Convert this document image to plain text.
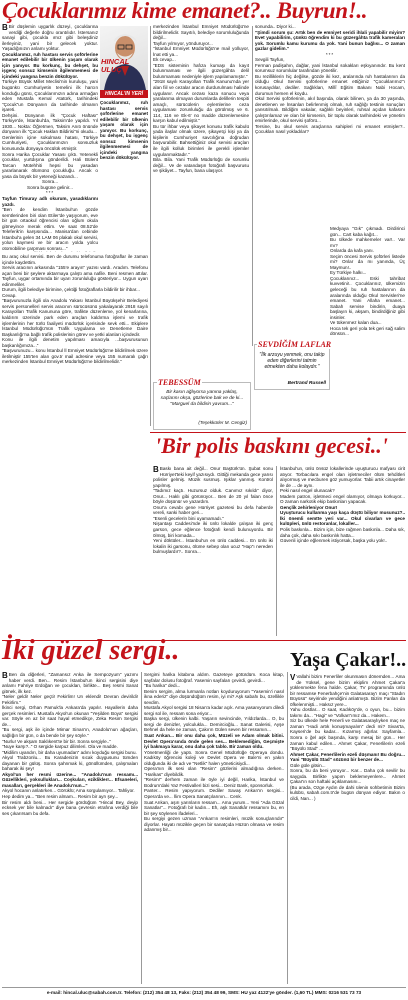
Çocuklarımız kime emanet?.. Buyrun!..

B Bir düşlemin uygarlık düzeyi, çocuklarına verdiği değerle doğru orantılıdır. İstersanız sanayi gibi, çocukla ırnız gibi beleşdiniz ilerleyiniz, yani bir gelecek yoktur. Yaşadığınızın anlamı yoktur.

Çocuklarımız, ruh hastası servis şoförlerine emanet edilebilir bir ülkenin yaşam olarak için yanıyor. Bu korkunç, bu dehşet, bu işgenç sonsuz kimsenin ilgilenmemesi de içindeki yangına benzin dökülüyor.

Türkiye Büyük Millet Meclisi'nin kuruluşu, yani bugünkü Cumhuriyetin temelini ilk harcın konduğu günü, Çocuklarımızın adına armağan eden Mustafa Kemal Atatürk, tarihindeki "Çocuk"un Dünyanın da tarihinde olmanın işareti.

Dehşini. Dünyanın ilk "Çocuk Haftası" Türkiye'de, İstanbul'da, Taksim'de yapıldı. Yıl 1930... Nokta: Öğretmen, Taksim Anıtı önünde dünyanın ilk "Çocuk Hakları Bildirisi"ni okudu...

Genlerinin içine sokulması hatası, Türkiye Cumhuriyeti, Çocuklarımızın sonsuzluk konusunda dünyaya öncülük etmiştir.

Sonra Harika Çocuklar Yasası çıktı. Yetenekli çocuklar, yurtdışına gönderildi. Hali Bülent Tarcan Mütehhiti hepsi bu yasadan yararlanarak ölümünü çocukluğu. Ancak o yasa da büyük bir yeteneği kazandı...

Sonra...

Sonra bugüne gelinir...

***

Tayfun Timuray adlı okurum, yasadıklarını yazdı.

"Ben de kendim İstanbul'un gözde semtlerinden biri olan Etiler'de yaşıyorum, eve bir gün ortaokul öğrencisi olan oğlum okula gitmeyince merak ettim. Ve saat 08.52'de Teleferik'in karşısında... Manisa'dan cebinde İstanbul'a gelen 34 LAM 06 plakalı okul servisi, yolun kaymesi ve bir aracın yolda yolcu otomobiline çarpması sonrası..."

HINCAL ULUÇ
HINCAL'IN YERİ

Bu araç okul servisi. Ben de durumu telefonuma fotoğraflar ile zaman içinde kaydettim.

Servis aracının arkasında "155'e arayın" yazısı vardı. Aradım. Telefonu açan beni bir şeylere aktarmaya çalıştı ama nafile. Beni resmen attılar. Tayfun, uygar ortamında bir uyarı zorunluluğu gösteriyor... Uygun uyarı edinmeliler.

Durum, ilgili belediye birimine, çektiği fotoğraflarla bildirilir bir ihbar...

Cevap.

"Başvurunuzla ilgili ola Anadolu Yakası İstanbul Büyükşehir Belediyesi servis personelleri servis aracının sürücüsünü yakalayarak 2918 sayılı Karayolları Trafik Kanununa göre, trafikte düzenleme, yol kenarlarına, kaldırım üzerinde park eden araçları kaldırma işlemi ve trafik işlemlerinin her türlü faaliyeti müdürlük içerisinde sevk etti... Ekiplere İstanbul Müdürlüğü'nün Trafik Uygulama ve Denetleme Daire Başkanlığı'na bağlı trafik polislerinin görev ve yetki alanları içindedir.

Konu ile ilgili denetim yapılması amacıyla ...başvurusunun başkanlığımıza..."

"Başvurunuzu... konu İstanbul İl Emniyet Müdürlüğü'ne bildirilmek üzere iletilmiştir 155'ten alan gov.tr mail adresine veya 155 numaralı çağrı merkezinden İstanbul Emniyet Müdürlüğü'ne bildirilmelidir."

Çocuklarımız, ruh hastası servis şoförlerine emanet edilebilir bir ülkenin yaşam olarak için yanıyor. Bu korkunç, bu dehşet, bu işgenç sonsuz kimsenin ilgilenmemesi de içindeki yangına benzin dökülüyor.

merkezinden İstanbul Emniyet Müdürlüğü'ne bildirilmelidir. Sayıtılı, belediye sorumluluğunda değil...

Tayfun yılmıyor, yönduruyor...

"İstanbul Emniyet Müdürlüğü'ne mail yolluyor, İnat etti ya...

Ek cevap...

"EDS sisteminin hafıza kumaşı da kayıt bulunmaması ve ilgili güzergâhta delil bulunmaması nedeniyle işlem yapılamamıştır."

"2918 sayılı Karayolları Trafik Kanunu'nda yer alan fiil ve cezalar aracın durdurulması halinde uygulanır. Ancak cezası kaza sonucu veya yaralanma olmayan durumlarda delillerin tespiti amaçlı, sürücülerin eylemlerine ceza uygulaması zorunluluğu da görülmüş ve 6. 114, 116 ve Ek-6' no madde düzenlemesine karşın kabul edilmiştir."

Bu tür ihbar veya şikayet konusu trafik kabulü yada ilaşlar olmak üzere, şikayetçi kişi ya da kişilerin Cumhuriyet savcılığına doğrudan başvurabilir. Bahsettiğiniz okul servisi araçları ile ilgili kolluk birimleri ile gerekli işlemler uygulanmaktadır."

Bila. Bila. Yani Trafik Müdürlüğü de sorumlu değil... Ve de vatandaşın fotoğrafı başvurusu ve şikâyet... Tayfun, bana ulaşıyor.

sonunda.. Diyor ki...

"Şimdi sorum şu: Artık ben de emniyet seridi ihlali yapabilir miyim? Evet yapabilirim, çünkü öğrendim ki bu güzergâhta trafik kameraları yok. Sorumlu kamu kurumu da yok. Yani bunun bağlısı... O zaman gazlar gidelim."

***

Sevgili Tayfun,

Ferman padişahın, dağlar, yani İstanbul sokakları eşkıyanındır. Bu kent sorumsuz sorumlular tarafından yönetilir.

Bu rezilliklerin hiç değilse, gözde iki kez, aralarında ruh hastalarının da olduğu Okul Servisi şoförlerine emanet ettiğimiz "Çocuklarımız"ı korusaydılar, dediler. Sağlıkları, Millî Eğitim Bakanı Nabi Hocam, durumun hemen el koydu.

Okul Servisi şoförlerinin, akıl başında, olarak bilinen, ya da 30 yaşında, denetlenen ve İnsanları belirlenmiş olmalı, ruh sağlığı testinin sonuçları yansıtılmalı. Bildiğim vakalar, sağlıklı beyinleri, ruhsal açıdan kafasını çalıştırılamaz ve olan bir kimsenin, bir toplu olarak tarihindeki ve yönetim emirlerinde, okul servisi şoförü...

Tersine, bu okul servis araçlarına sahipleri mi emanet etmişler?.. Çocukları nasıl yokladılar?

Medyaya "Gık" çıkmadı. Dirdirinci gün... Cart kaba kağıt...

Bu ülkede mahkemeler var!.. Var mı?

Onlarda da kafa yanı.

Seçim öncesi Servis şoförleri listede mi? Onlar da mı yanında, Üç Maymun!..

Ey Türkiye halkı...

Çocuklarınız... Eski tahribat kuvvetini!.. Çocuklarınız, ülkemizin geleceği bu ruh hastalarının da aralarında olduğu Okul Servisleri'ne emanet. Yani Allaha emanet... Sabah servise bindirin, duaya başlayın ki, akşam, bindirdiğiniz gibi insinler.

Ve tükenmez kalan dua...

Hoca tek geri yola tek geri sağ salim dönsün...

SEVDİĞİM LAFLAR
"İlk arzuyu yenmek, onu takip eden diğerlerini tatmin etmekten daha kolaydır."
Bertrand Russell
TEBESSÜM
Bir kasın ağlıyorsa yanına yaklaş, saçlarını okşa, gözlerine bak ve de ki... "Marguel da bildirin yavrum..."
(Teşekkürler M. Cengiz)
'Bir polis baskını gecesi..'

B Baskı bana ait değil... Onur Baştürk'ün. Şubat sonu Hürriyet'teki keyif yazısıydı. Gittiği mekanda gece yarısı polisler gelmiş. Müzik susmuş. Işıklar yanmış. Kontrol yapılmış.

"Tadımız kaçtı. Huzursuz olduk. Canımız sıkıldı" diyor, Onur... Haklı gibi görünüyor... Ben de 20 yıl falan önce böyle düşünür ve yazardım.

Onur'a cevabı gene Hürriyet gazetesi bu defa haberde vereli, sanki haber geri...

"Esenli gecelerin bini uyamamadı."

Nişantaşı Caddesi'nde iki ünlü lokalde çalışan iki genç garson, gece eğlence fotoğrafı kendi bulunuyordu. Bir ölmüş, biri komada...

Yeni döktüler... İstanbul'un en ünlü caddesi... En ünlü iki lokalin iki garsonu, ölüme sebep olan ucuz "Hap"ı nereden bulmuşlardır?.. Sonra...

İstanbul'un, ünlü önsüz lokallerinde uyuşturucu mafyası cirit atıyor. Torbacılara engel olan işletmeciler ölüm tehditleri alıyormuş ve mecburen göz yumuyorlar. Tabii artık cinayetler ile de ... de aynı.

Peki nasıl engel olunacak?

Madem patron, işletmeci engel olamıyor, olmaya korkuyor... O zaman narkotik ekip baskınları yapacak.

Gençlik zehirleniyor Onur!

Uyuşturucu kullanma yaşı kaça düştü biliyor musunuz?.. İki önemli semtte yeri var... Okul civarları ve gece kulüpleri, ünlü restoranlar, lokaller...

Polis baskınla... Bizim için, bize rağmen baskınla... Daha sık, daha çok, daha sıkı baskınlık hatta...

Güvenli içinde eğlenmek istiyorsak, başka yolu yok!..

İki güzel sergi..	Yaşa Çakar!..

B Ben da diğerleri, "Zamansız Anka ile Sempozyum" yazımı haber verdi. Ben... Resim İstanbul'un ikinci sergisini diye anlamı Fahriye Erdoğan ve çocukları, birlikte... Beş resmi Sanat gitmek, ilk kez.

"Neler geldi! Neler geçti! Fekirlim! Un eklendi! Devran devirildi! Fekirlim."

İkinci sergi, Orhan Pamuk'la Ankara'da yapılır. Hayallerin daha gerçek resimleri. Mustafa Akyol'un okunan "Yeşilden Boya" sergisi var. Söyle en az bir saat hayal etmedikçe, Zeka Resim Sergisi de...

"Bu sergi, aşk ile içinde Mimar Sinan'ın, Anadolu'nun ağaçları, sağlığın bir gün, o da bende bir şey söyle."

"Nurlu! Ve akşam Saklıkent'te bir bir. Sonra sergiyle.."

"Nuye karşı?.." O sergide karpuz dilimleri. Ola ve madde.

"Midilim uyandırı, bir daha uyumadan" adını koyduğu sergisi bunu.

Akyol Trabzonlu... Bu Karadenizin sıcak duygusunu tümden dayanan bir gülüş. Sonra şahnmak ki, gönüllümden, çalışmaları baharak iki şey!

Akyol'un her resmi üzerine... "Anadolu'nun ressamı... Güzellikleri, yoksullukları... Coşkuları, ezikliklerr... Efsaneleri, masalları, gerçekleri ile Anadolu'nun..."

Akyol hocanın anlatırken... Görüklü; Ama sorgulamıyor... Tahliyor.

Hep dedim ya... "Ben resim almam... Resim bir ayrı şey...

Bir resim aldı beni... Her sergide gördüğüm "Hincal Bey, deyip ecksek yer bile kalmadı" diye bana çevresin etrafına verdiği bile ses çıkarırsam bu defa.

Sergimi harika kitabına aldım. Gazeteye götürdüm. Koca kitap, sayfalar dolusu fotoğraf. Yasemin sayfaları çevirdi, gevirdi...

"Bu harika" dedi...

Benim sergim, alma lurmanla notları koyduruyorum "Yasemin'i nasıl ikna ederiz" diye düşündüğüm resim, iyi mi? Aşk sabahı bu, özellikle sevdim.

Mustafa Akyol sergisi 18 Nisan'a kadar açık. Ama yasanıyorum diledi sergi sol ile, ressam sona eriyor...

Başka sergi, ülkenin kalbi. Yaşarın sevincinde, Yıldızlarda... O, bu sergi de denizler, yolculukla... Demircioğlu... Sanat Galerisi, Ayşe Behnel da hele ne zaman, Çakırın Gülen seven bir ressamın...

Suat Arıkan... Bir onu daha çok, Müzeli ve Adam olmak bitini. Devlet Opera'sında önde gelen ses... Beklemediğim, Geçmişte iyi bakmaya karar, onu daha çok tablo. Bir zaman oldu.

Yönetmenliği de yaptı. Sonra Genel Müdürlüğe Operaya dondu. Kadıköy öğrencisi koleji ve Devlet Opera ve Bale'ni en yakın olduğunda iki de adı ve "Netlik" halen yöneticisiydi...

Opera'nın ilk sesi olan "Resim" gözlerini almadığına derken.. "Harikas" diyebildik.

"Resim!" derhem zaman ile öyle iyi değil, Harika, İstanbul ve Bodrum'daki Yaz Festivalleri bizi sesi... Deniz Bank, sponsorluk.

Panter... Resim yapıyorum. Dediler Savaş Arıkan'ın sergisi... Opera'da ve... İlim Opera Sanatçılarının... Cenk.

Suat Arıkan, aşırı yarınların ressam... Ama yurum... Yeni "Ada Gözal Sanatlar"... Fotoğrafı bir kadın... Eh, aşk Sanatkâr ressamını bu, en bir şey söylenen ifadeleri...

Bu sergiyi gezen uzman "Arıkan'ın resimleri, müzik sonuçlarındır" diyorlar. Hayatı müzikle geçen bir sanatçıda Hüzün olmasa ve resim adanmış bir...

V Vallahi bizim Fenerliler okunmasın dönemden... Ama de Yüksel, gene bizim ekiplim Ahmet Çakar'a yüklenmekte fena halde. Çakar, TV programında ünlü bir ressamse Fenerbahçe'nin Galatasaray'ı maçı "Stadın Büyüsü" seyirinde yendiğini anlatmıştı. Bizim Fanları da öfkelenmişti... Haksız yere...

Yahu dostlar... O saat, Kadıköy'de, o oyun, bu... bizim takımı da... "Hagi" ve "Volkan"ımız da... Hakem...

Siz bu ülkede hele Fenerli ve Galatasaraylıyken maç ne zaman "Hadi artık konuşmayalım" dedi mi? Sivas'ta, Kayseri'de bu kadar... Kızarmış ağırlar. Sayfamla... Sonra o ğel aşk başında, karşı mesaj bir gün... Her zaman kabul edilen... Ahmet Çakar, Fenerlilerin ezeli "Büyülü Stad" ...

Ahmet Çakar, Fenerlilerin ezeli düşmanı! Bu doğru... Yani "Büyülü Stad" sözünü bir benzer de...

Güle güle gitsin...

Sonra, bu da beni yoruyor... Kar... Daha çok sevilir bu saygıda. Birlikte yapım beklemeyenlere... Ahmet Çakar'ın son haftaki açıklamasını...

(Bu arada, Ozge Aydın de dahi ülenin sohbetimin Bizim kulübü, sabah.com.tr'de bugün dünyan ediyor. Bakın o cildi, Nan... )

e-mail: hincal.uluc@sabah.com.tr. Telefon: (212) 354 48 13, Faks: (212) 354 48 99, SMS: HU yaz 4122'ye gönder. (1,60 TL) MMS: 0216 531 73 73
